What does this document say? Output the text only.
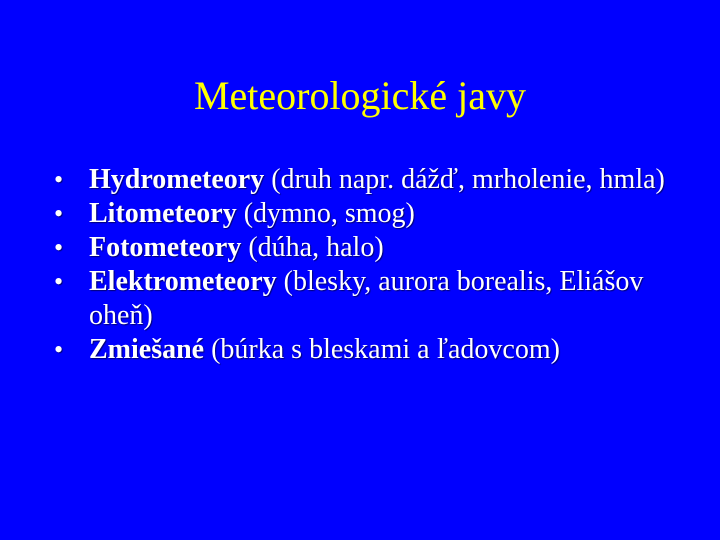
Meteorologické javy
• Hydrometeory (druh napr. dážď, mrholenie, hmla)
• Litometeory (dymno, smog)
• Fotometeory (dúha, halo)
• Elektrometeory (blesky, aurora borealis, Eliášov oheň)
• Zmiešané (búrka s bleskami a ľadovcom)
